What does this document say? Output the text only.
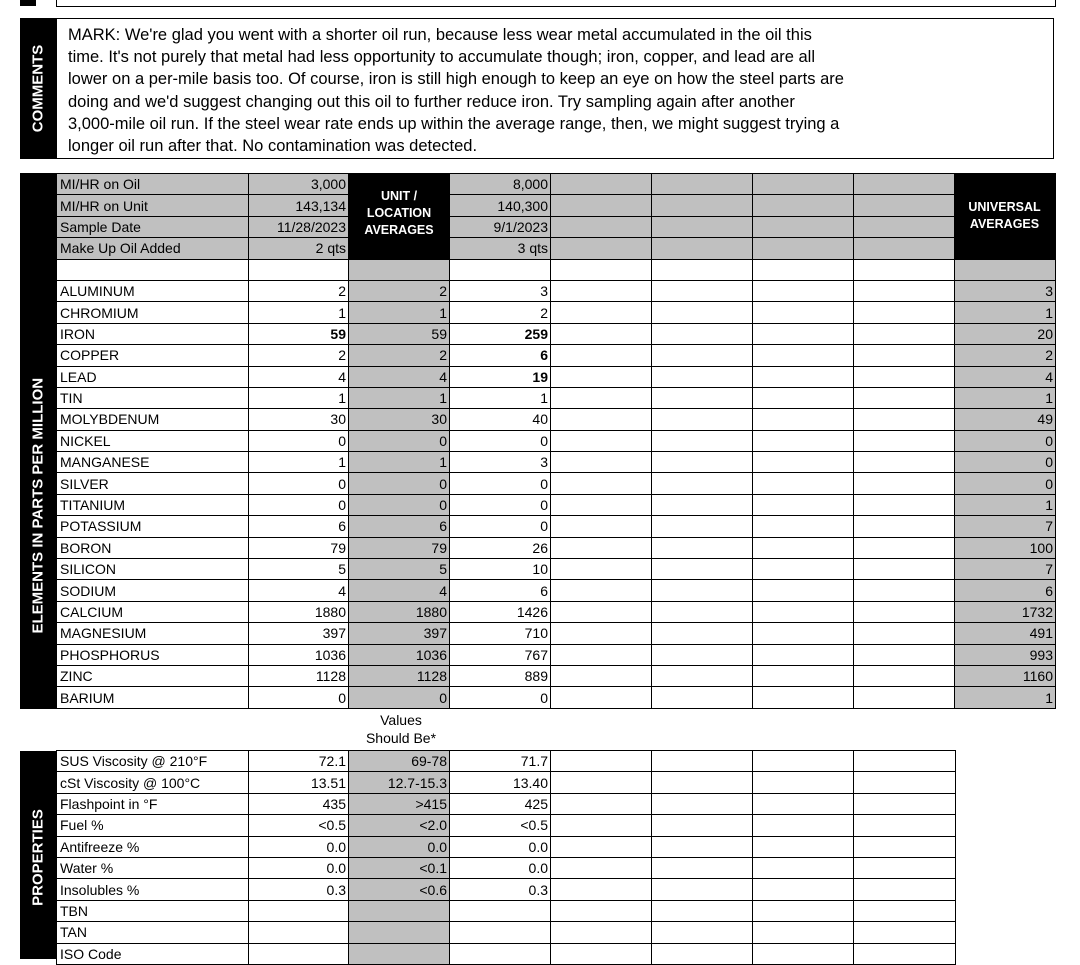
COMMENTS

MARK: We're glad you went with a shorter oil run, because less wear metal accumulated in the oil this

time. It's not purely that metal had less opportunity to accumulate though; iron, copper, and lead are all

lower on a per-mile basis too. Of course, iron is still high enough to keep an eye on how the steel parts are

doing and we'd suggest changing out this oil to further reduce iron. Try sampling again after another

3,000-mile oil run. If the steel wear rate ends up within the average range, then, we might suggest trying a

longer oil run after that. No contamination was detected.

ELEMENTS IN PARTS PER MILLION
MI/HR on Oil	3,000		8,000					
MI/HR on Unit	143,134		140,300					
Sample Date	11/28/2023		9/1/2023					
Make Up Oil Added	2 qts		3 qts					

ALUMINUM	2	2	3					3
CHROMIUM	1	1	2					1
IRON	59	59	259					20
COPPER	2	2	6					2
LEAD	4	4	19					4
TIN	1	1	1					1
MOLYBDENUM	30	30	40					49
NICKEL	0	0	0					0
MANGANESE	1	1	3					0
SILVER	0	0	0					0
TITANIUM	0	0	0					1
POTASSIUM	6	6	0					7
BORON	79	79	26					100
SILICON	5	5	10					7
SODIUM	4	4	6					6
CALCIUM	1880	1880	1426					1732
MAGNESIUM	397	397	710					491
PHOSPHORUS	1036	1036	767					993
ZINC	1128	1128	889					1160
BARIUM	0	0	0					1
UNIT /
LOCATION
AVERAGES
UNIVERSAL
AVERAGES
Values
Should Be*
PROPERTIES
SUS Viscosity @ 210°F	72.1	69-78	71.7				
cSt Viscosity @ 100°C	13.51	12.7-15.3	13.40				
Flashpoint in °F	435	>415	425				
Fuel %	<0.5	<2.0	<0.5				
Antifreeze %	0.0	0.0	0.0				
Water %	0.0	<0.1	0.0				
Insolubles %	0.3	<0.6	0.3				
TBN							
TAN							
ISO Code							
